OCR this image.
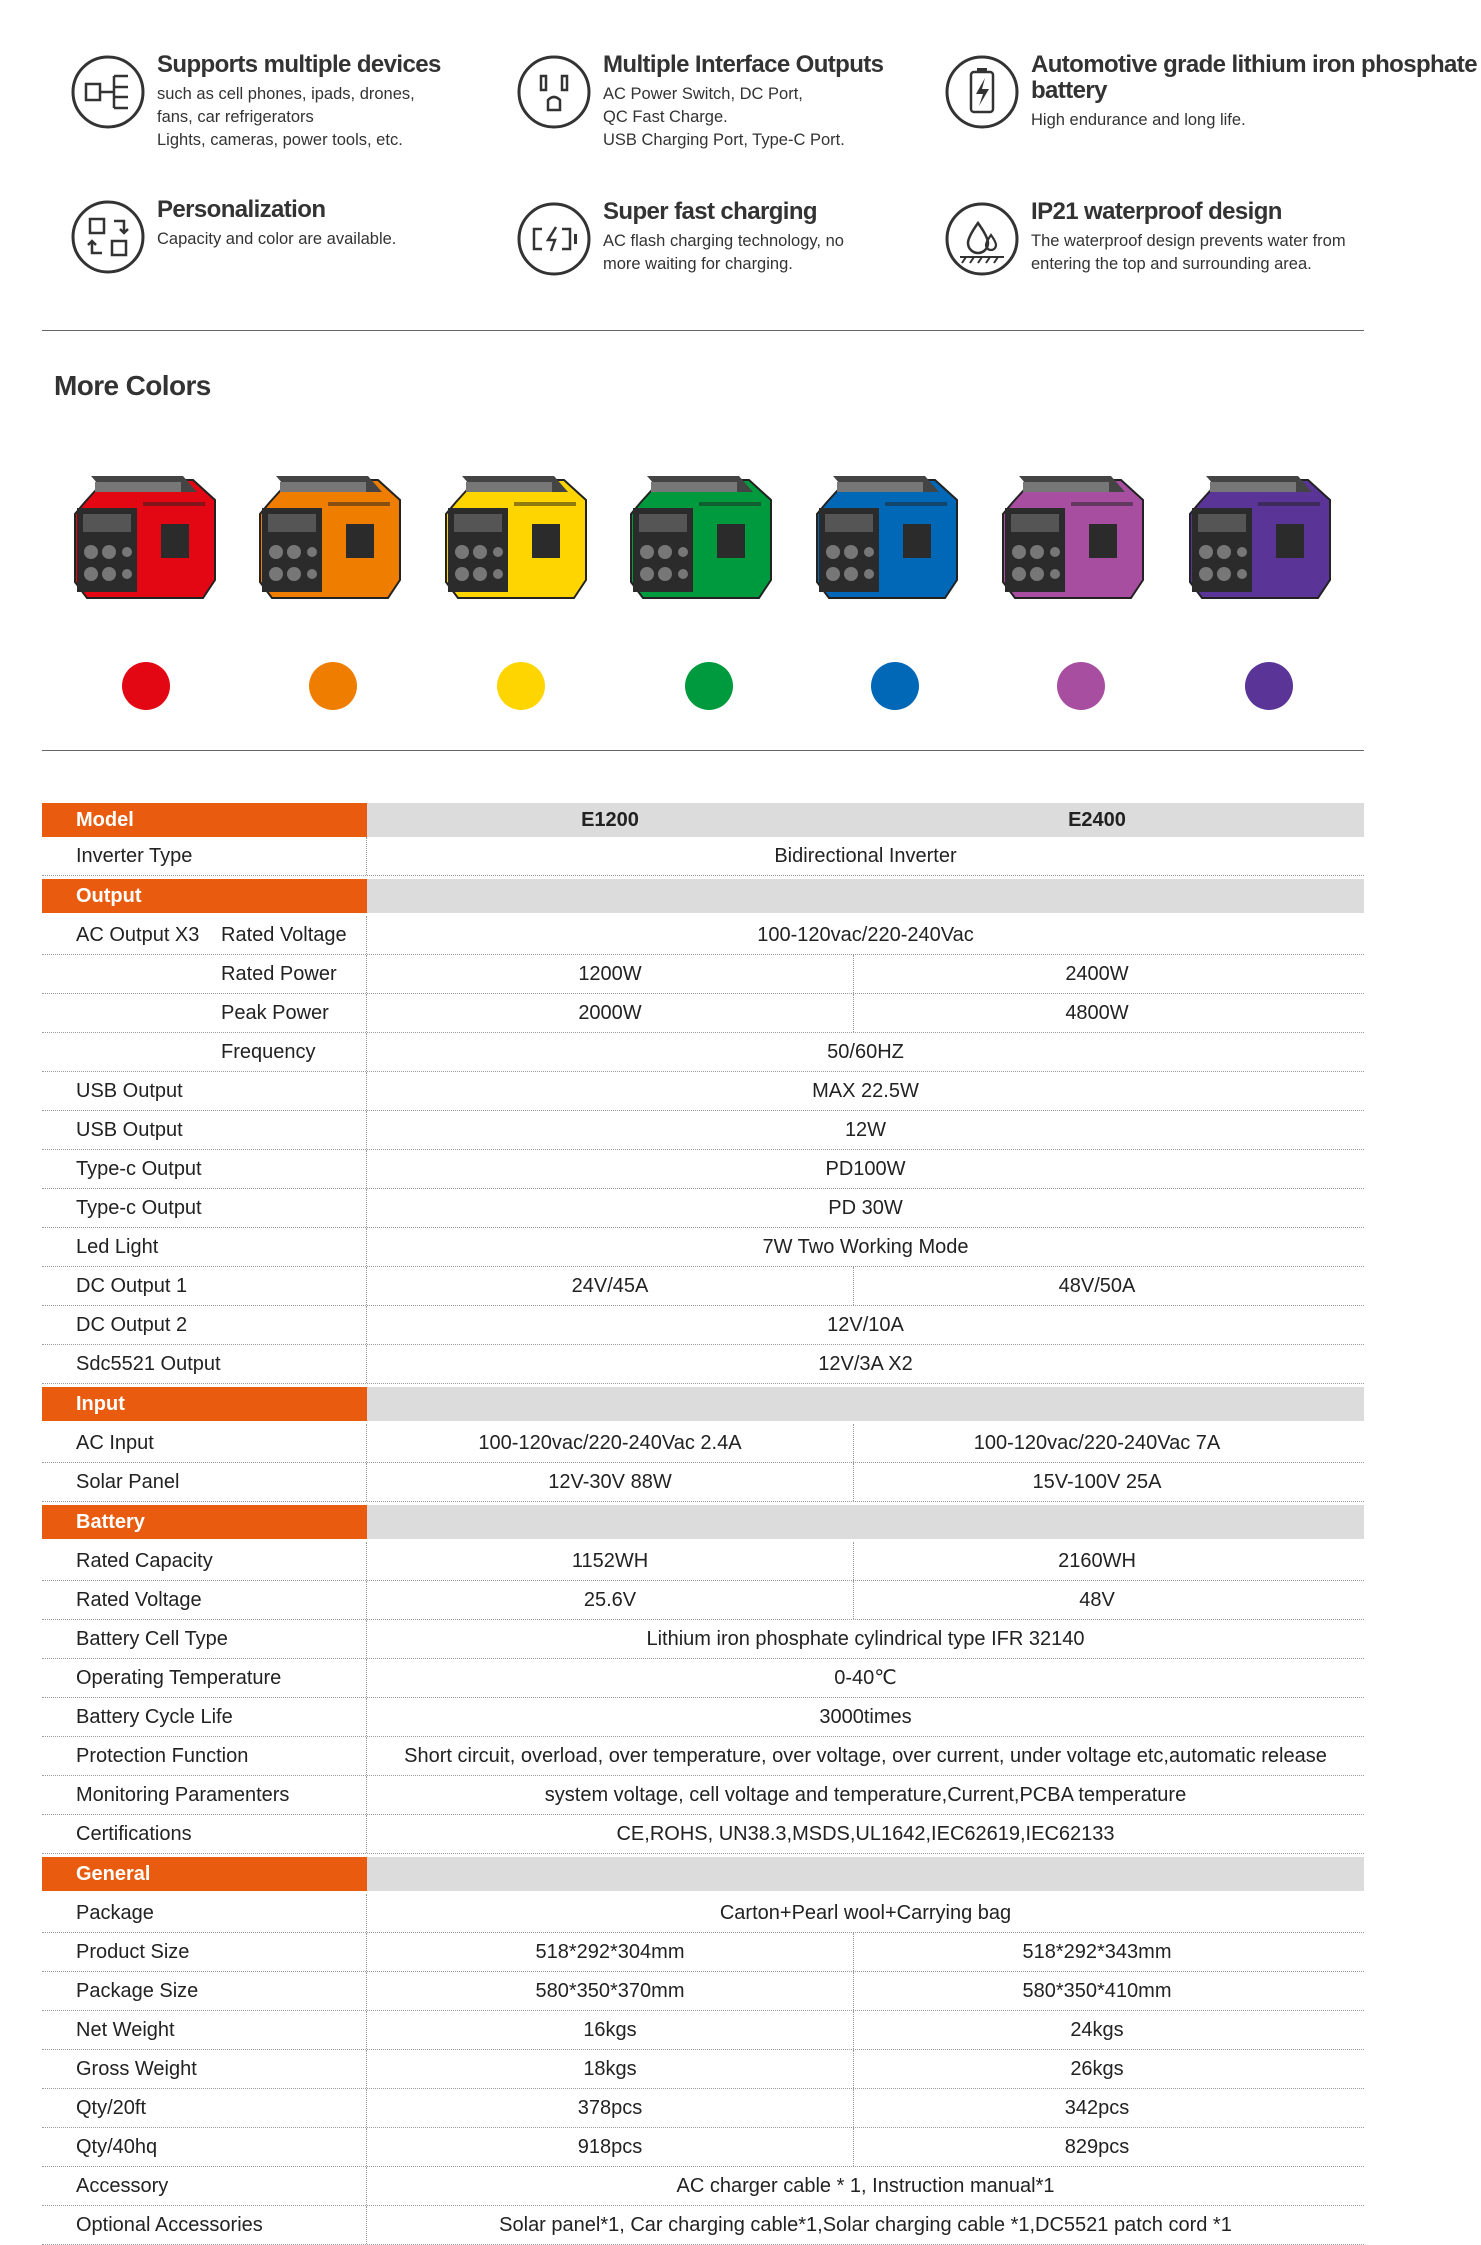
Supports multiple devices
such as cell phones, ipads, drones,
fans, car refrigerators
Lights, cameras, power tools, etc.
Multiple Interface Outputs
AC Power Switch, DC Port,
QC Fast Charge.
USB Charging Port, Type-C Port.
Automotive grade lithium iron phosphate battery
High endurance and long life.
Personalization
Capacity and color are available.
Super fast charging
AC flash charging technology, no
more waiting for charging.
IP21 waterproof design
The waterproof design prevents water from
entering the top and surrounding area.
More Colors
Model	E1200	E2400
Inverter Type	Bidirectional Inverter
Output
AC Output X3	Rated Voltage	100-120vac/220-240Vac
Rated Power	1200W	2400W
Peak Power	2000W	4800W
Frequency	50/60HZ
USB Output	MAX 22.5W
USB Output	12W
Type-c Output	PD100W
Type-c Output	PD 30W
Led Light	7W Two Working Mode
DC Output 1	24V/45A	48V/50A
DC Output 2	12V/10A
Sdc5521 Output	12V/3A X2
Input
AC Input	100-120vac/220-240Vac 2.4A	100-120vac/220-240Vac 7A
Solar Panel	12V-30V 88W	15V-100V 25A
Battery
Rated Capacity	1152WH	2160WH
Rated Voltage	25.6V	48V
Battery Cell Type	Lithium iron phosphate cylindrical type IFR 32140
Operating Temperature	0-40℃
Battery Cycle Life	3000times
Protection Function	Short circuit, overload, over temperature, over voltage, over current, under voltage etc,automatic release
Monitoring Paramenters	system voltage, cell voltage and temperature,Current,PCBA temperature
Certifications	CE,ROHS, UN38.3,MSDS,UL1642,IEC62619,IEC62133
General
Package	Carton+Pearl wool+Carrying bag
Product Size	518*292*304mm	518*292*343mm
Package Size	580*350*370mm	580*350*410mm
Net Weight	16kgs	24kgs
Gross Weight	18kgs	26kgs
Qty/20ft	378pcs	342pcs
Qty/40hq	918pcs	829pcs
Accessory	AC charger cable * 1, Instruction manual*1
Optional Accessories	Solar panel*1, Car charging cable*1,Solar charging cable *1,DC5521 patch cord *1
